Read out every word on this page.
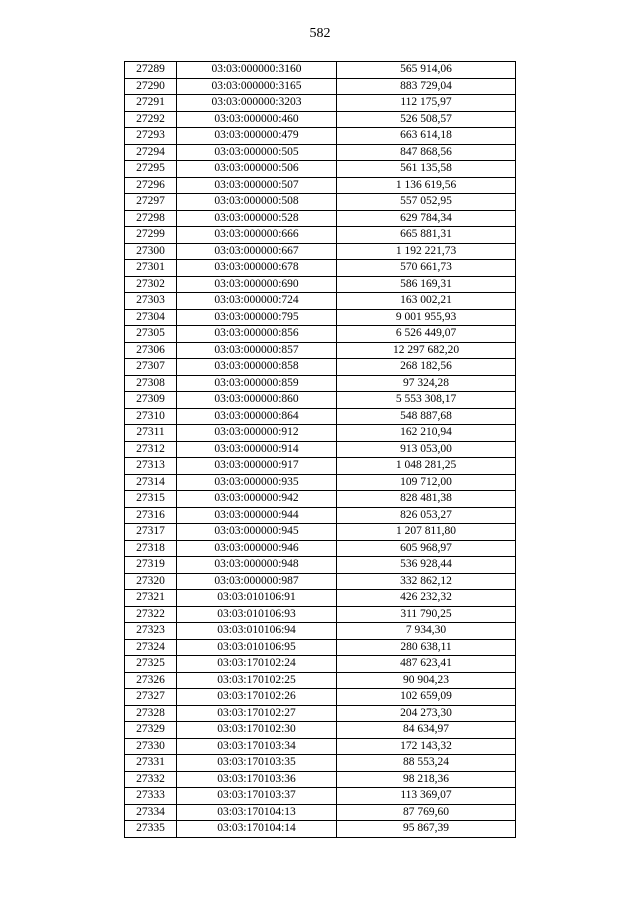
582
27289	03:03:000000:3160	565 914,06
27290	03:03:000000:3165	883 729,04
27291	03:03:000000:3203	112 175,97
27292	03:03:000000:460	526 508,57
27293	03:03:000000:479	663 614,18
27294	03:03:000000:505	847 868,56
27295	03:03:000000:506	561 135,58
27296	03:03:000000:507	1 136 619,56
27297	03:03:000000:508	557 052,95
27298	03:03:000000:528	629 784,34
27299	03:03:000000:666	665 881,31
27300	03:03:000000:667	1 192 221,73
27301	03:03:000000:678	570 661,73
27302	03:03:000000:690	586 169,31
27303	03:03:000000:724	163 002,21
27304	03:03:000000:795	9 001 955,93
27305	03:03:000000:856	6 526 449,07
27306	03:03:000000:857	12 297 682,20
27307	03:03:000000:858	268 182,56
27308	03:03:000000:859	97 324,28
27309	03:03:000000:860	5 553 308,17
27310	03:03:000000:864	548 887,68
27311	03:03:000000:912	162 210,94
27312	03:03:000000:914	913 053,00
27313	03:03:000000:917	1 048 281,25
27314	03:03:000000:935	109 712,00
27315	03:03:000000:942	828 481,38
27316	03:03:000000:944	826 053,27
27317	03:03:000000:945	1 207 811,80
27318	03:03:000000:946	605 968,97
27319	03:03:000000:948	536 928,44
27320	03:03:000000:987	332 862,12
27321	03:03:010106:91	426 232,32
27322	03:03:010106:93	311 790,25
27323	03:03:010106:94	7 934,30
27324	03:03:010106:95	280 638,11
27325	03:03:170102:24	487 623,41
27326	03:03:170102:25	90 904,23
27327	03:03:170102:26	102 659,09
27328	03:03:170102:27	204 273,30
27329	03:03:170102:30	84 634,97
27330	03:03:170103:34	172 143,32
27331	03:03:170103:35	88 553,24
27332	03:03:170103:36	98 218,36
27333	03:03:170103:37	113 369,07
27334	03:03:170104:13	87 769,60
27335	03:03:170104:14	95 867,39
